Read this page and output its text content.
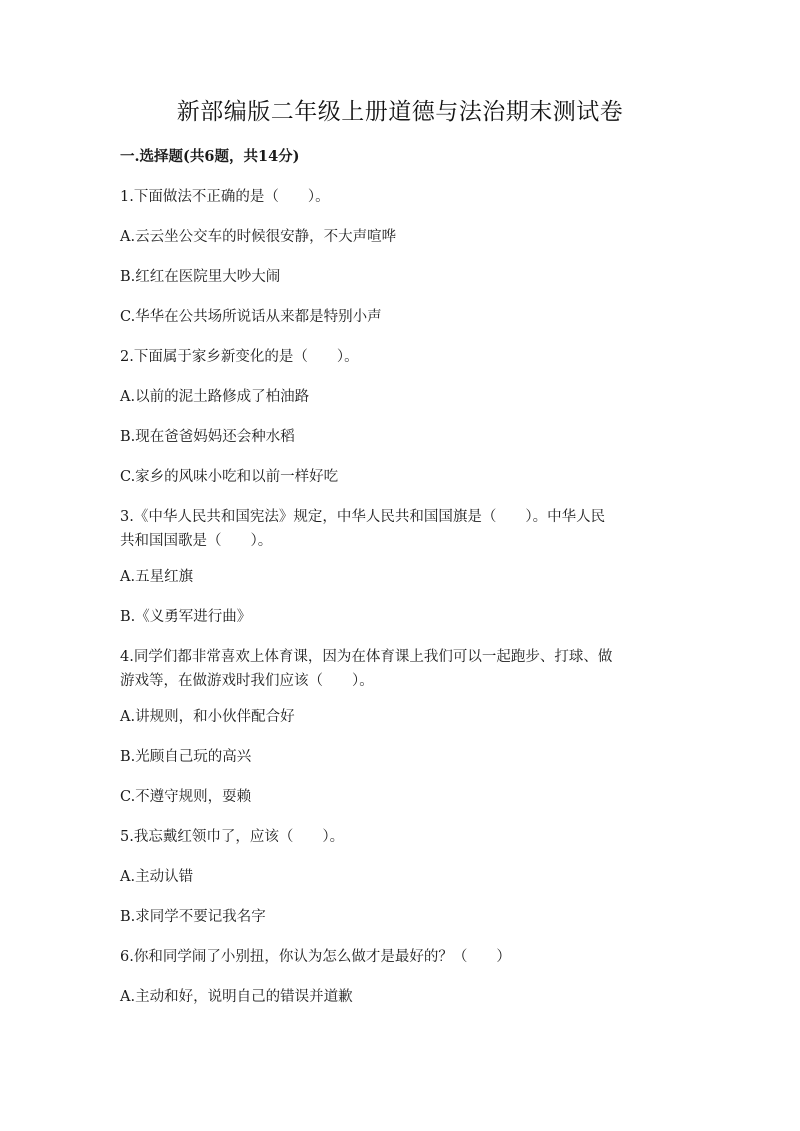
新部编版二年级上册道德与法治期末测试卷
一.选择题(共6题，共14分)
1.下面做法不正确的是（　　）。
A.云云坐公交车的时候很安静，不大声喧哗
B.红红在医院里大吵大闹
C.华华在公共场所说话从来都是特别小声
2.下面属于家乡新变化的是（　　）。
A.以前的泥土路修成了柏油路
B.现在爸爸妈妈还会种水稻
C.家乡的风味小吃和以前一样好吃
3.《中华人民共和国宪法》规定，中华人民共和国国旗是（　　）。中华人民
共和国国歌是（　　）。
A.五星红旗
B.《义勇军进行曲》
4.同学们都非常喜欢上体育课，因为在体育课上我们可以一起跑步、打球、做
游戏等，在做游戏时我们应该（　　）。
A.讲规则，和小伙伴配合好
B.光顾自己玩的高兴
C.不遵守规则，耍赖
5.我忘戴红领巾了，应该（　　）。
A.主动认错
B.求同学不要记我名字
6.你和同学闹了小别扭，你认为怎么做才是最好的？（　　）
A.主动和好，说明自己的错误并道歉
